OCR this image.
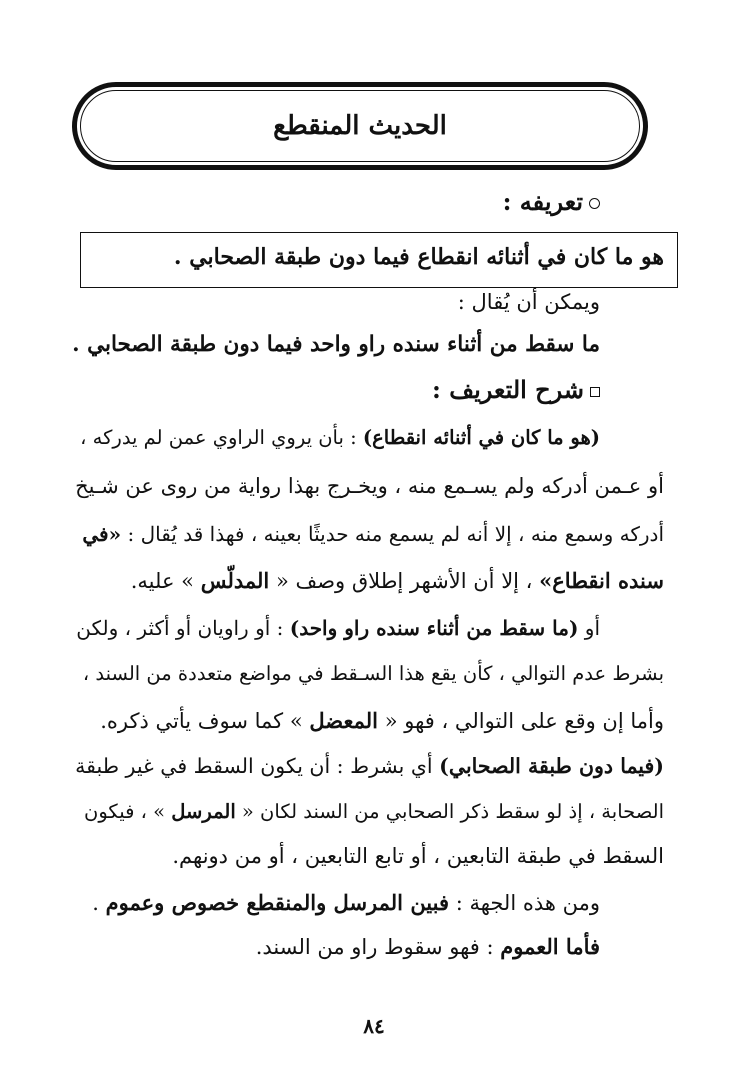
الحديث المنقطع
تعريفه :
هو ما كان في أثنائه انقطاع فيما دون طبقة الصحابي .
ويمكن أن يُقال :
ما سقط من أثناء سنده راو واحد فيما دون طبقة الصحابي .
شرح التعريف :
(هو ما كان في أثنائه انقطاع) : بأن يروي الراوي عمن لم يدركه ،
أو عـمن أدركه ولم يسـمع منه ، ويخـرج بهذا رواية من روى عن شـيخ
أدركه وسمع منه ، إلا أنه لم يسمع منه حديثًا بعينه ، فهذا قد يُقال : «في
سنده انقطاع» ، إلا أن الأشهر إطلاق وصف « المدلّس » عليه.
أو (ما سقط من أثناء سنده راو واحد) : أو راويان أو أكثر ، ولكن
بشرط عدم التوالي ، كأن يقع هذا السـقط في مواضع متعددة من السند ،
وأما إن وقع على التوالي ، فهو « المعضل » كما سوف يأتي ذكره.
(فيما دون طبقة الصحابي) أي بشرط : أن يكون السقط في غير طبقة
الصحابة ، إذ لو سقط ذكر الصحابي من السند لكان « المرسل » ، فيكون
السقط في طبقة التابعين ، أو تابع التابعين ، أو من دونهم.
ومن هذه الجهة : فبين المرسل والمنقطع خصوص وعموم .
فأما العموم : فهو سقوط راو من السند.
٨٤
